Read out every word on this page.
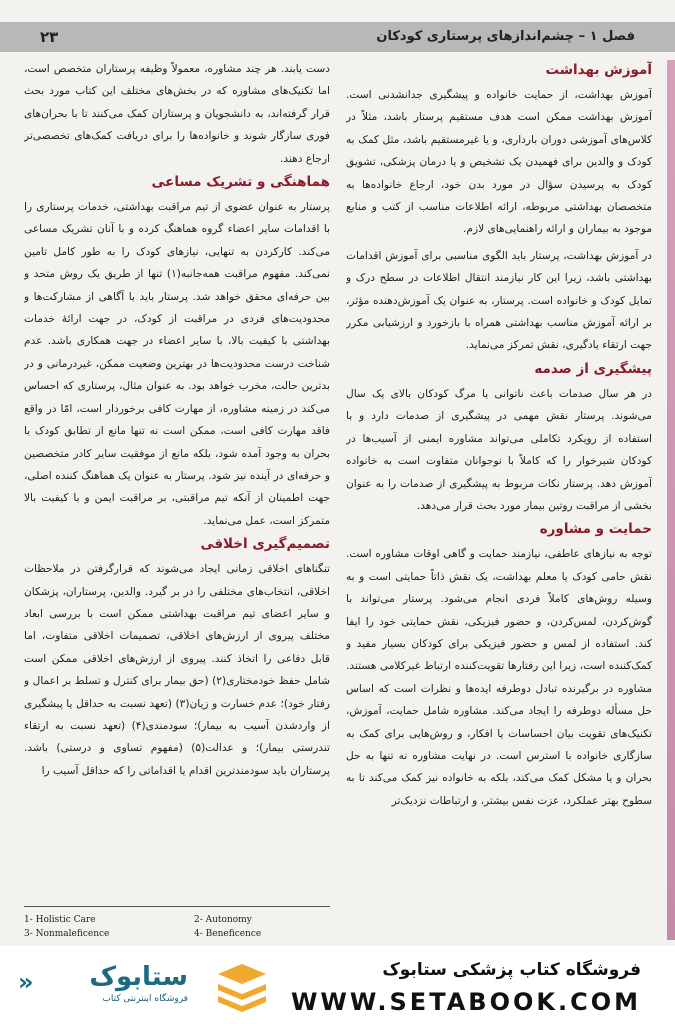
۲۳	فصل ۱ – چشم‌اندازهای پرستاری کودکان
آموزش بهداشت

آموزش بهداشت، از حمایت خانواده و پیشگیری جدانشدنی است. آموزش بهداشت ممکن است هدف مستقیم پرستار باشد، مثلاً در کلاس‌های آموزشی دوران بارداری، و یا غیرمستقیم باشد، مثل کمک به کودک و والدین برای فهمیدن یک تشخیص و یا درمان پزشکی، تشویق کودک به پرسیدن سؤال در مورد بدن خود، ارجاع خانواده‌ها به متخصصان بهداشتی مربوطه، ارائه اطلاعات مناسب از کتب و منابع موجود به بیماران و ارائه راهنمایی‌های لازم.

در آموزش بهداشت، پرستار باید الگوی مناسبی برای آموزش اقدامات بهداشتی باشد، زیرا این کار نیازمند انتقال اطلاعات در سطح درک و تمایل کودک و خانواده است. پرستار، به عنوان یک آموزش‌دهنده مؤثر، بر ارائه آموزش مناسب بهداشتی همراه با بازخورد و ارزشیابی مکرر جهت ارتقاء یادگیری، نقش تمرکز می‌نماید.

پیشگیری از صدمه

در هر سال صدمات باعث ناتوانی یا مرگ کودکان بالای یک سال می‌شوند. پرستار نقش مهمی در پیشگیری از صدمات دارد و با استفاده از رویکرد تکاملی می‌تواند مشاوره ایمنی از آسیب‌ها در کودکان شیرخوار را که کاملاً با نوجوانان متفاوت است به خانواده آموزش دهد. پرستار نکات مربوط به پیشگیری از صدمات را به عنوان بخشی از مراقبت روتین بیمار مورد بحث قرار می‌دهد.

حمایت و مشاوره

توجه به نیازهای عاطفی، نیازمند حمایت و گاهی اوقات مشاوره است. نقش حامی کودک یا معلم بهداشت، یک نقش ذاتاً حمایتی است و به وسیله روش‌های کاملاً فردی انجام می‌شود. پرستار می‌تواند با گوش‌کردن، لمس‌کردن، و حضور فیزیکی، نقش حمایتی خود را ایفا کند. استفاده از لمس و حضور فیزیکی برای کودکان بسیار مفید و کمک‌کننده است، زیرا این رفتارها تقویت‌کننده ارتباط غیرکلامی هستند. مشاوره در برگیرنده تبادل دوطرفه ایده‌ها و نظرات است که اساس حل مسأله دوطرفه را ایجاد می‌کند. مشاوره شامل حمایت، آموزش، تکنیک‌های تقویت بیان احساسات یا افکار، و روش‌هایی برای کمک به سازگاری خانواده با استرس است. در نهایت مشاوره نه تنها به حل بحران و یا مشکل کمک می‌کند، بلکه به خانواده نیز کمک می‌کند تا به سطوح بهتر عملکرد، عزت نفس بیشتر، و ارتباطات نزدیک‌تر

دست یابند. هر چند مشاوره، معمولاً وظیفه پرستاران متخصص است، اما تکنیک‌های مشاوره که در بخش‌های مختلف این کتاب مورد بحث قرار گرفته‌اند، به دانشجویان و پرستاران کمک می‌کنند تا با بحران‌های فوری سازگار شوند و خانواده‌ها را برای دریافت کمک‌های تخصصی‌تر ارجاع دهند.

هماهنگی و تشریک مساعی

پرستار به عنوان عضوی از تیم مراقبت بهداشتی، خدمات پرستاری را با اقدامات سایر اعضاء گروه هماهنگ کرده و با آنان تشریک مساعی می‌کند. کارکردن به تنهایی، نیازهای کودک را به طور کامل تامین نمی‌کند. مفهوم مراقبت همه‌جانبه(۱) تنها از طریق یک روش متحد و بین حرفه‌ای محقق خواهد شد. پرستار باید با آگاهی از مشارکت‌ها و محدودیت‌های فردی در مراقبت از کودک، در جهت ارائهٔ خدمات بهداشتی با کیفیت بالا، با سایر اعضاء در جهت همکاری باشد. عدم شناخت درست محدودیت‌ها در بهترین وضعیت ممکن، غیردرمانی و در بدترین حالت، مخرب خواهد بود. به عنوان مثال، پرستاری که احساس می‌کند در زمینه مشاوره، از مهارت کافی برخوردار است، امّا در واقع فاقد مهارت کافی است، ممکن است نه تنها مانع از تطابق کودک با بحران به وجود آمده شود، بلکه مانع از موفقیت سایر کادر متخصصین و حرفه‌ای در آینده نیز شود. پرستار به عنوان یک هماهنگ کننده اصلی، جهت اطمینان از آنکه تیم مراقبتی، بر مراقبت ایمن و با کیفیت بالا متمرکز است، عمل می‌نماید.

تصمیم‌گیری اخلاقی

تنگناهای اخلاقی زمانی ایجاد می‌شوند که قرارگرفتن در ملاحظات اخلاقی، انتخاب‌های مختلفی را در بر گیرد. والدین، پرستاران، پزشکان و سایر اعضای تیم مراقبت بهداشتی ممکن است با بررسی ابعاد مختلف پیروی از ارزش‌های اخلاقی، تصمیمات اخلاقی متفاوت، اما قابل دفاعی را اتخاذ کنند. پیروی از ارزش‌های اخلاقی ممکن است شامل حفظ خودمختاری(۲) (حق بیمار برای کنترل و تسلط بر اعمال و رفتار خود)؛ عدم خسارت و زیان(۳) (تعهد نسبت به حداقل یا پیشگیری از واردشدن آسیب به بیمار)؛ سودمندی(۴) (تعهد نسبت به ارتقاء تندرستی بیمار)؛ و عدالت(۵) (مفهوم تساوی و درستی) باشد. پرستاران باید سودمندترین اقدام یا اقداماتی را که حداقل آسیب را

1- Holistic Care	2- Autonomy
3- Nonmaleficence	4- Beneficence
« ستابوک
فروشگاه اینترنتی کتاب
فروشگاه کتاب پزشکی ستابوک
WWW.SETABOOK.COM
